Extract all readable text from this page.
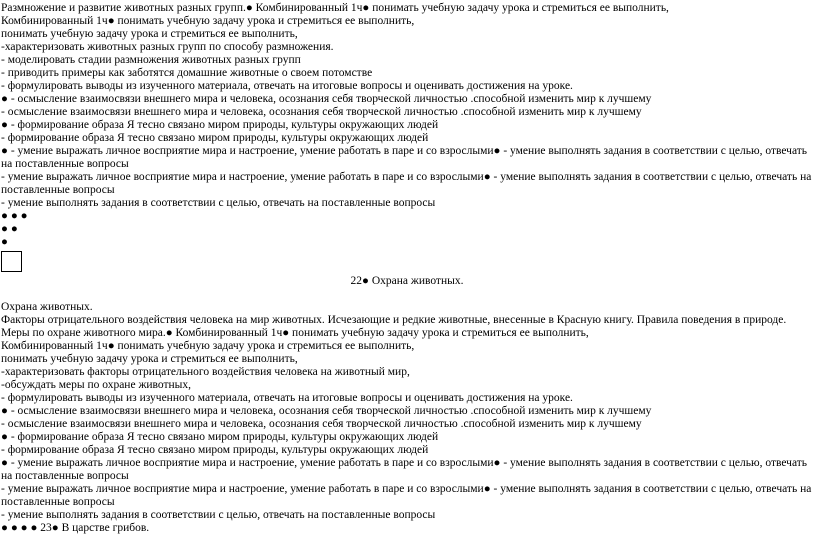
Размножение и развитие животных разных групп.● Комбинированный 1ч● понимать учебную задачу урока и стремиться ее выполнить,

Комбинированный 1ч● понимать учебную задачу урока и стремиться ее выполнить,

понимать учебную задачу урока и стремиться ее выполнить,

-характеризовать животных разных групп по способу размножения.

- моделировать стадии размножения животных разных групп

- приводить примеры как заботятся домашние животные о своем потомстве

- формулировать выводы из изученного материала, отвечать на итоговые вопросы и оценивать достижения на уроке.

● - осмысление взаимосвязи внешнего мира и человека, осознания себя творческой личностью .способной изменить мир к лучшему

- осмысление взаимосвязи внешнего мира и человека, осознания себя творческой личностью .способной изменить мир к лучшему

● - формирование образа Я тесно связано миром природы, культуры окружающих людей

- формирование образа Я тесно связано миром природы, культуры окружающих людей

● - умение выражать личное восприятие мира и настроение, умение работать в паре и со взрослыми● - умение выполнять задания в соответствии с целью, отвечать на поставленные вопросы

- умение выражать личное восприятие мира и настроение, умение работать в паре и со взрослыми● - умение выполнять задания в соответствии с целью, отвечать на поставленные вопросы

- умение выполнять задания в соответствии с целью, отвечать на поставленные вопросы

● ● ●

● ●

●

22● Охрана животных.

Охрана животных.

Факторы отрицательного воздействия человека на мир животных. Исчезающие и редкие животные, внесенные в Красную книгу. Правила поведения в природе. Меры по охране животного мира.● Комбинированный 1ч● понимать учебную задачу урока и стремиться ее выполнить,

Комбинированный 1ч● понимать учебную задачу урока и стремиться ее выполнить,

понимать учебную задачу урока и стремиться ее выполнить,

-характеризовать факторы отрицательного воздействия человека на животный мир,

-обсуждать меры по охране животных,

- формулировать выводы из изученного материала, отвечать на итоговые вопросы и оценивать достижения на уроке.

● - осмысление взаимосвязи внешнего мира и человека, осознания себя творческой личностью .способной изменить мир к лучшему

- осмысление взаимосвязи внешнего мира и человека, осознания себя творческой личностью .способной изменить мир к лучшему

● - формирование образа Я тесно связано миром природы, культуры окружающих людей

- формирование образа Я тесно связано миром природы, культуры окружающих людей

● - умение выражать личное восприятие мира и настроение, умение работать в паре и со взрослыми● - умение выполнять задания в соответствии с целью, отвечать на поставленные вопросы

- умение выражать личное восприятие мира и настроение, умение работать в паре и со взрослыми● - умение выполнять задания в соответствии с целью, отвечать на поставленные вопросы

- умение выполнять задания в соответствии с целью, отвечать на поставленные вопросы

● ● ● ● 23● В царстве грибов.
